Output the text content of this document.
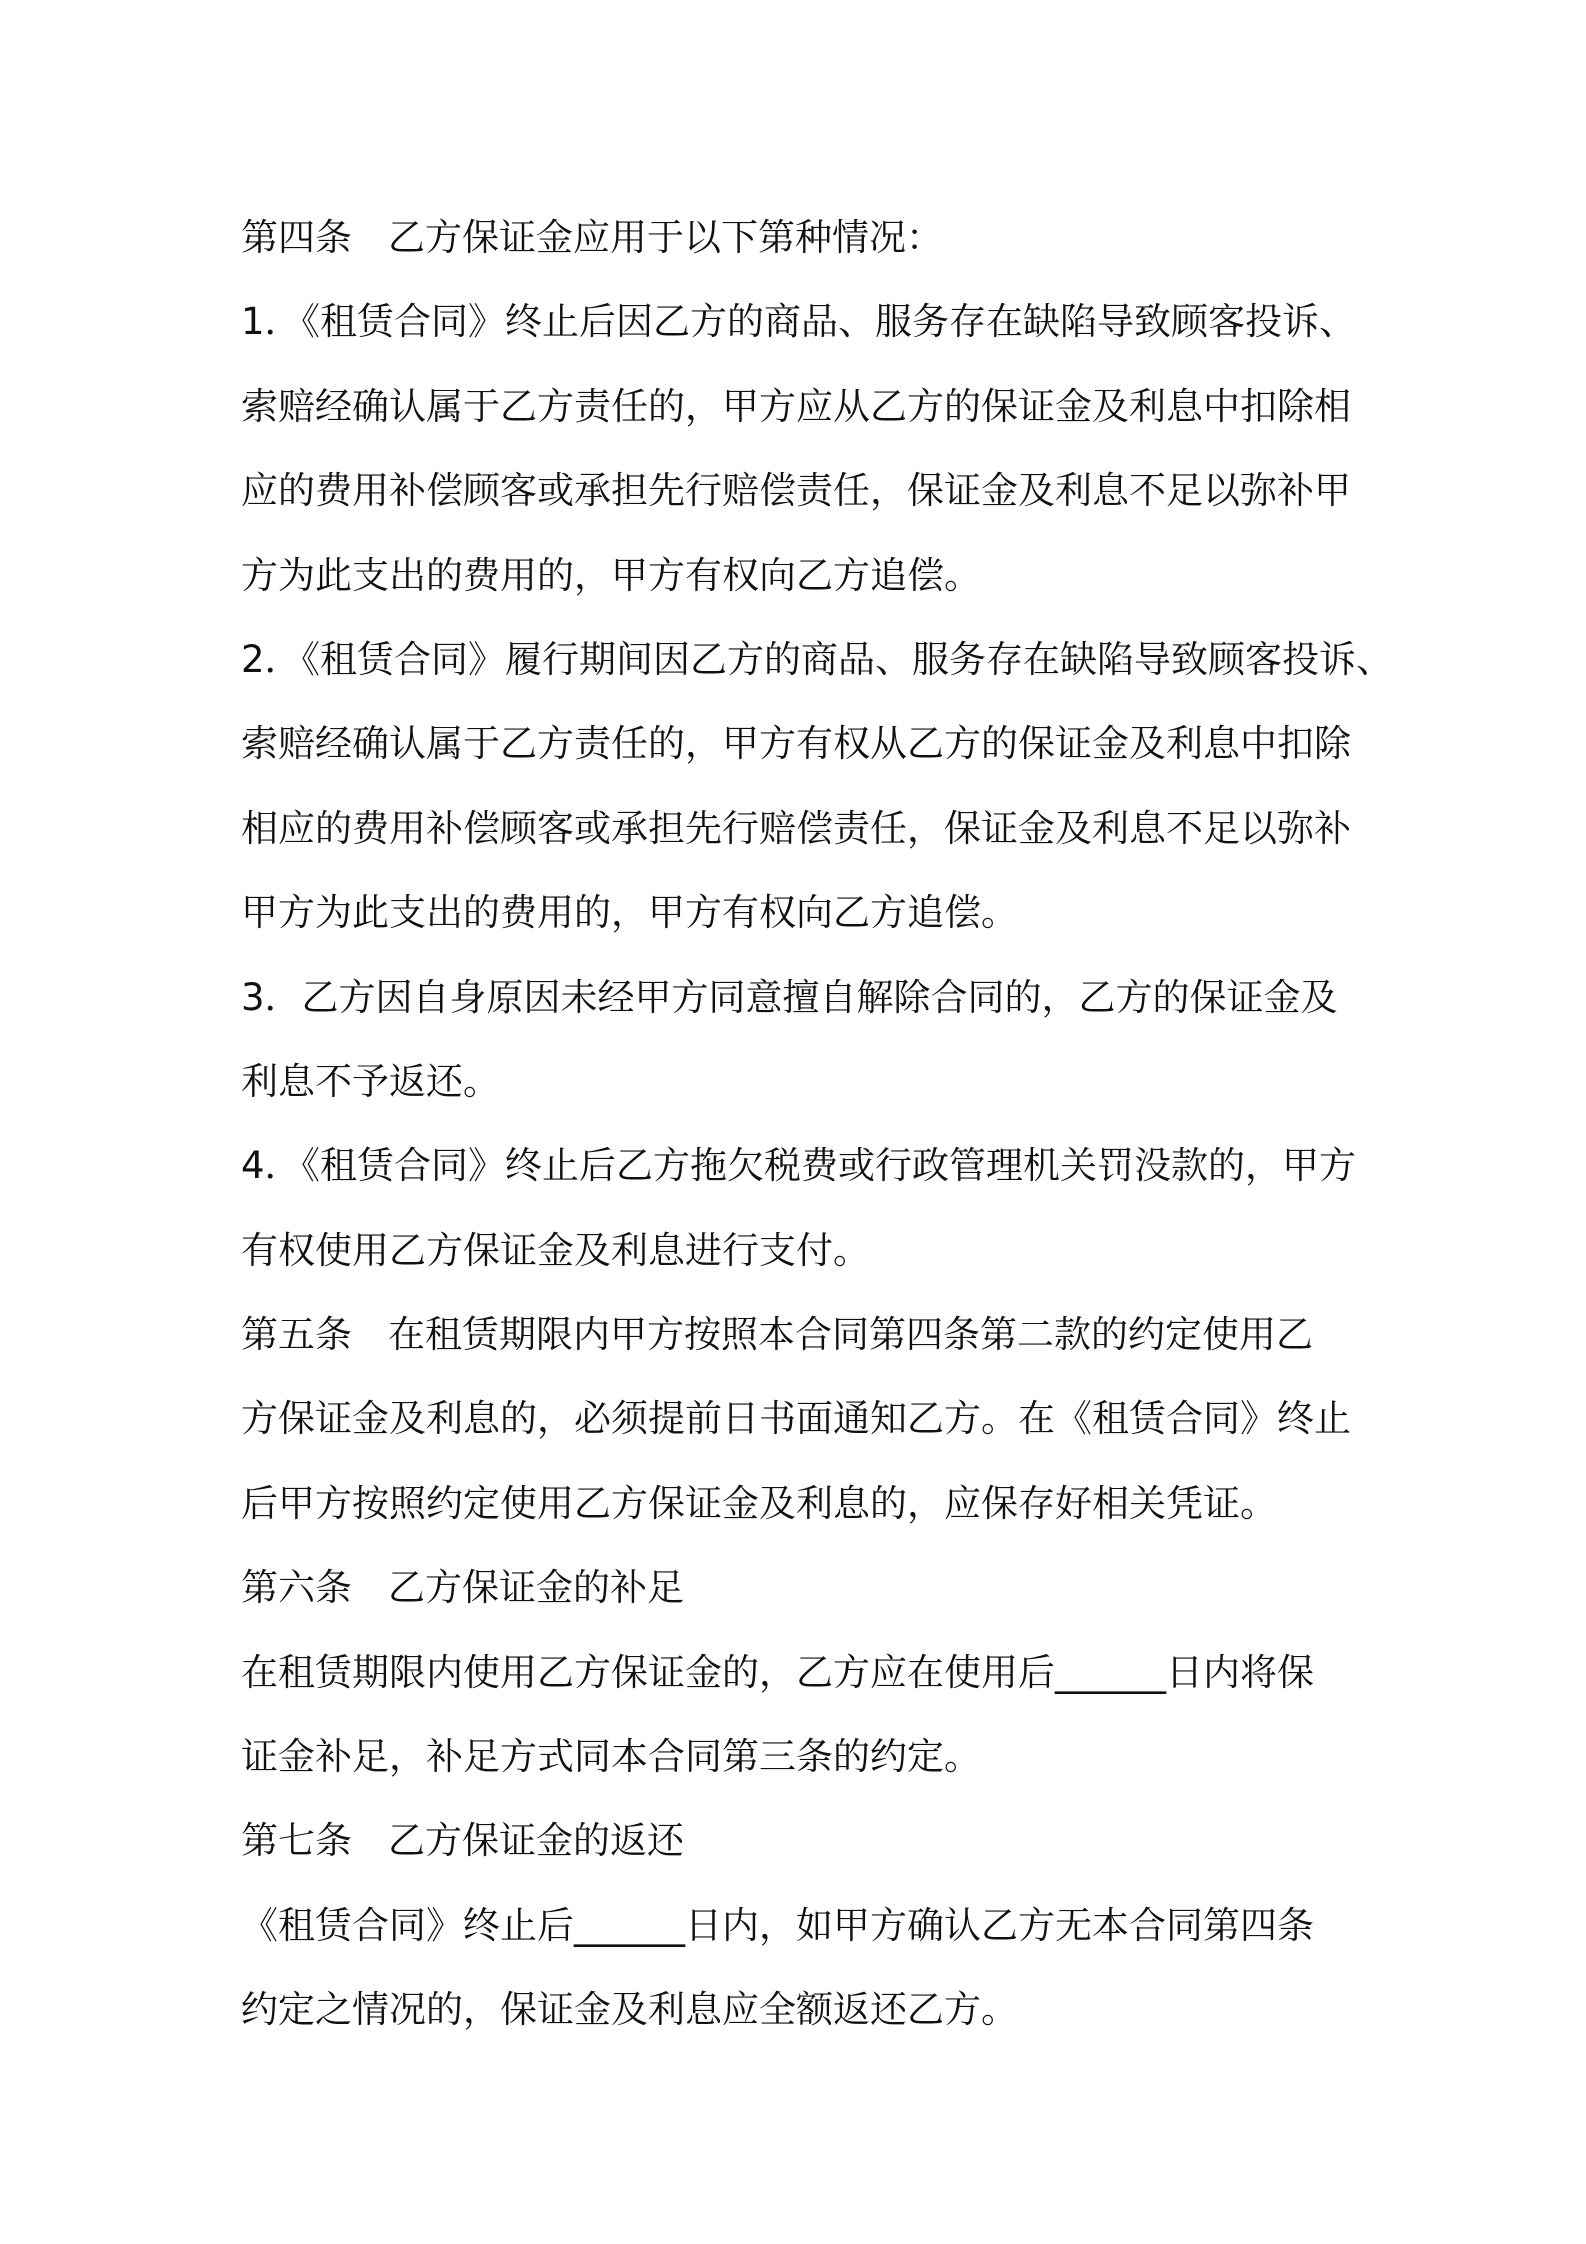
第四条 乙方保证金应用于以下第种情况：
1．《租赁合同》终止后因乙方的商品、服务存在缺陷导致顾客投诉、
索赔经确认属于乙方责任的，甲方应从乙方的保证金及利息中扣除相
应的费用补偿顾客或承担先行赔偿责任，保证金及利息不足以弥补甲
方为此支出的费用的，甲方有权向乙方追偿。
2．《租赁合同》履行期间因乙方的商品、服务存在缺陷导致顾客投诉、
索赔经确认属于乙方责任的，甲方有权从乙方的保证金及利息中扣除
相应的费用补偿顾客或承担先行赔偿责任，保证金及利息不足以弥补
甲方为此支出的费用的，甲方有权向乙方追偿。
3．乙方因自身原因未经甲方同意擅自解除合同的，乙方的保证金及
利息不予返还。
4．《租赁合同》终止后乙方拖欠税费或行政管理机关罚没款的，甲方
有权使用乙方保证金及利息进行支付。
第五条 在租赁期限内甲方按照本合同第四条第二款的约定使用乙
方保证金及利息的，必须提前日书面通知乙方。在《租赁合同》终止
后甲方按照约定使用乙方保证金及利息的，应保存好相关凭证。
第六条 乙方保证金的补足
在租赁期限内使用乙方保证金的，乙方应在使用后______日内将保
证金补足，补足方式同本合同第三条的约定。
第七条 乙方保证金的返还
《租赁合同》终止后______日内，如甲方确认乙方无本合同第四条
约定之情况的，保证金及利息应全额返还乙方。
